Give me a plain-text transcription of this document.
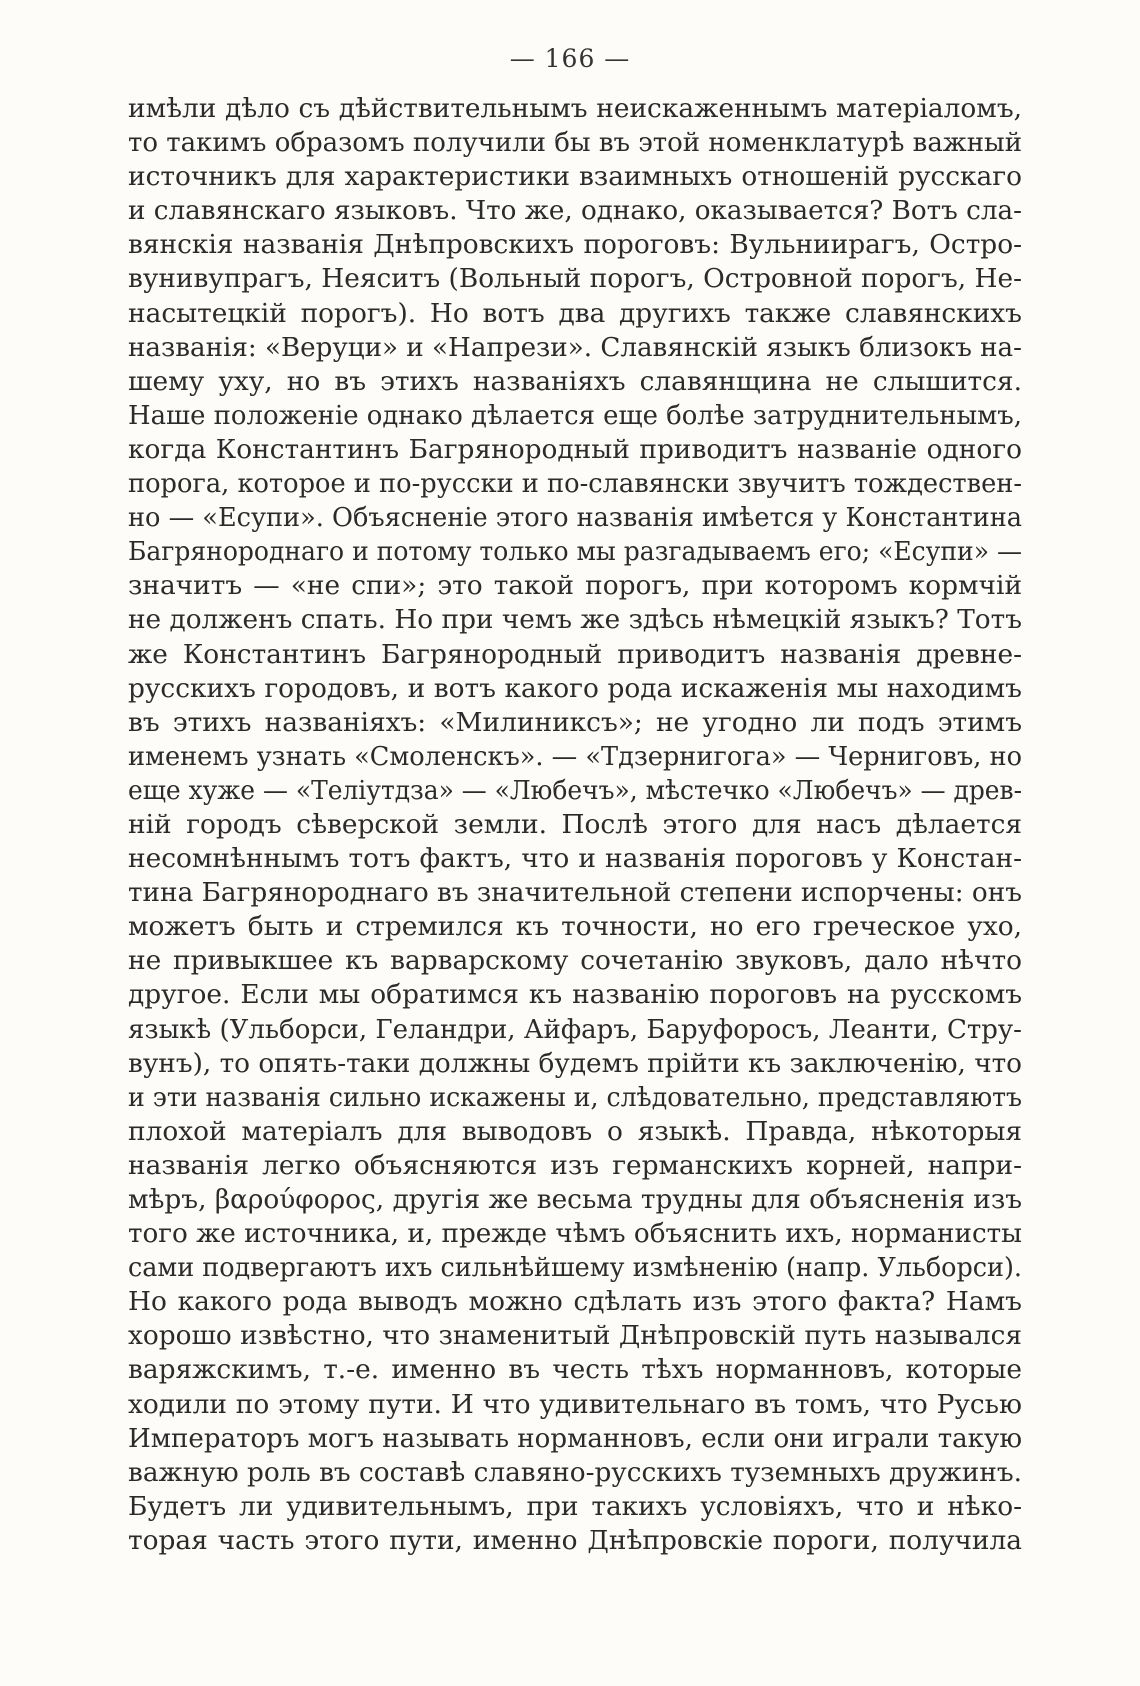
— 166 —
имѣли дѣло съ дѣйствительнымъ неискаженнымъ матеріаломъ,
то такимъ образомъ получили бы въ этой номенклатурѣ важный
источникъ для характеристики взаимныхъ отношеній русскаго
и славянскаго языковъ. Что же, однако, оказывается? Вотъ сла-
вянскія названія Днѣпровскихъ пороговъ: Вульниирагъ, Остро-
вунивупрагъ, Неяситъ (Вольный порогъ, Островной порогъ, Не-
насытецкій порогъ). Но вотъ два другихъ также славянскихъ
названія: «Веруци» и «Напрези». Славянскій языкъ близокъ на-
шему уху, но въ этихъ названіяхъ славянщина не слышится.
Наше положеніе однако дѣлается еще болѣе затруднительнымъ,
когда Константинъ Багрянородный приводитъ названіе одного
порога, которое и по-русски и по-славянски звучитъ тождествен-
но — «Есупи». Объясненіе этого названія имѣется у Константина
Багрянороднаго и потому только мы разгадываемъ его; «Есупи» —
значитъ — «не спи»; это такой порогъ, при которомъ кормчій
не долженъ спать. Но при чемъ же здѣсь нѣмецкій языкъ? Тотъ
же Константинъ Багрянородный приводитъ названія древне-
русскихъ городовъ, и вотъ какого рода искаженія мы находимъ
въ этихъ названіяхъ: «Милиниксъ»; не угодно ли подъ этимъ
именемъ узнать «Смоленскъ». — «Тдзернигога» — Черниговъ, но
еще хуже — «Теліутдза» — «Любечъ», мѣстечко «Любечъ» — древ-
ній городъ сѣверской земли. Послѣ этого для насъ дѣлается
несомнѣннымъ тотъ фактъ, что и названія пороговъ у Констан-
тина Багрянороднаго въ значительной степени испорчены: онъ
можетъ быть и стремился къ точности, но его греческое ухо,
не привыкшее къ варварскому сочетанію звуковъ, дало нѣчто
другое. Если мы обратимся къ названію пороговъ на русскомъ
языкѣ (Ульборси, Геландри, Айфаръ, Баруфоросъ, Леанти, Стру-
вунъ), то опять-таки должны будемъ прійти къ заключенію, что
и эти названія сильно искажены и, слѣдовательно, представляютъ
плохой матеріалъ для выводовъ о языкѣ. Правда, нѣкоторыя
названія легко объясняются изъ германскихъ корней, напри-
мѣръ, βαρούφορος, другія же весьма трудны для объясненія изъ
того же источника, и, прежде чѣмъ объяснить ихъ, норманисты
сами подвергаютъ ихъ сильнѣйшему измѣненію (напр. Ульборси).
Но какого рода выводъ можно сдѣлать изъ этого факта? Намъ
хорошо извѣстно, что знаменитый Днѣпровскій путь назывался
варяжскимъ, т.-е. именно въ честь тѣхъ норманновъ, которые
ходили по этому пути. И что удивительнаго въ томъ, что Русью
Императоръ могъ называть норманновъ, если они играли такую
важную роль въ составѣ славяно-русскихъ туземныхъ дружинъ.
Будетъ ли удивительнымъ, при такихъ условіяхъ, что и нѣко-
торая часть этого пути, именно Днѣпровскіе пороги, получила
